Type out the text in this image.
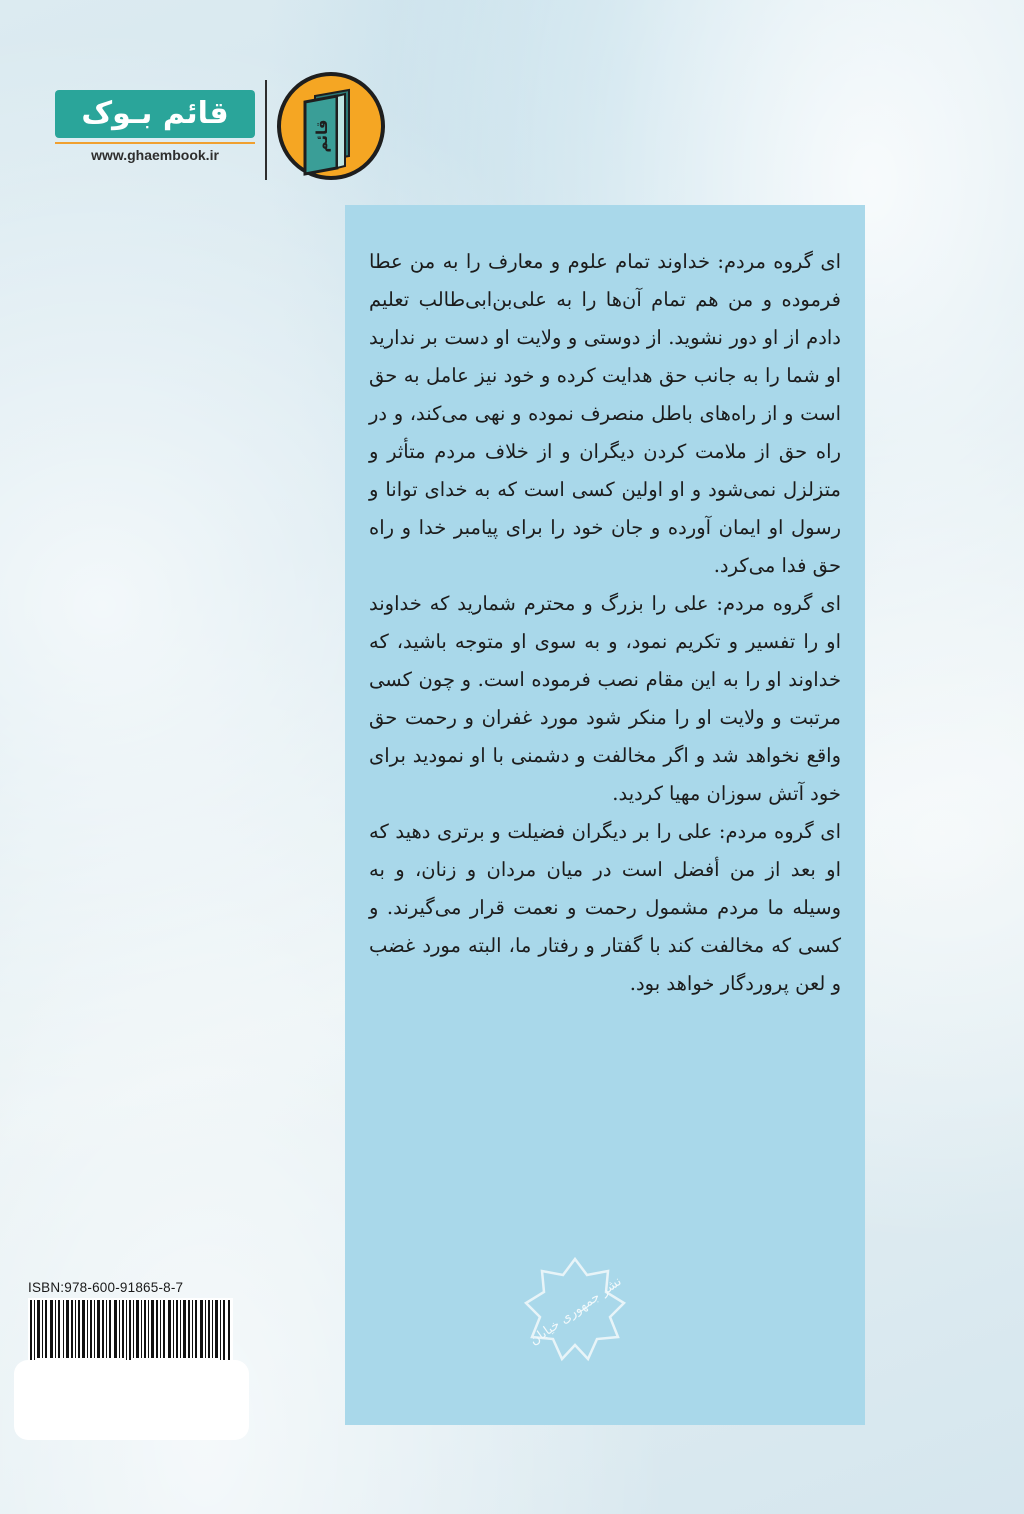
قائم بـوک
www.ghaembook.ir
قائم

ای گروه مردم: خداوند تمام علوم و معارف را به من عطا فرموده و من هم تمام آن‌ها را به علی‌بن‌ابی‌طالب تعلیم دادم از او دور نشوید. از دوستی و ولایت او دست بر ندارید او شما را به جانب حق هدایت کرده و خود نیز عامل به حق است و از راه‌های باطل منصرف نموده و نهی می‌کند، و در راه حق از ملامت کردن دیگران و از خلاف مردم متأثر و متزلزل نمی‌شود و او اولین کسی است که به خدای توانا و رسول او ایمان آورده و جان خود را برای پیامبر خدا و راه حق فدا می‌کرد.

ای گروه مردم: علی را بزرگ و محترم شمارید که خداوند او را تفسیر و تکریم نمود، و به سوی او متوجه باشید، که خداوند او را به این مقام نصب فرموده است. و چون کسی مرتبت و ولایت او را منکر شود مورد غفران و رحمت حق واقع نخواهد شد و اگر مخالفت و دشمنی با او نمودید برای خود آتش سوزان مهیا کردید.

ای گروه مردم: علی را بر دیگران فضیلت و برتری دهید که او بعد از من أفضل است در میان مردان و زنان، و به وسیله ما مردم مشمول رحمت و نعمت قرار می‌گیرند. و کسی که مخالفت کند با گفتار و رفتار ما، البته مورد غضب و لعن پروردگار خواهد بود.

نشر جمهوری خیابان
ISBN:978-600-91865-8-7
